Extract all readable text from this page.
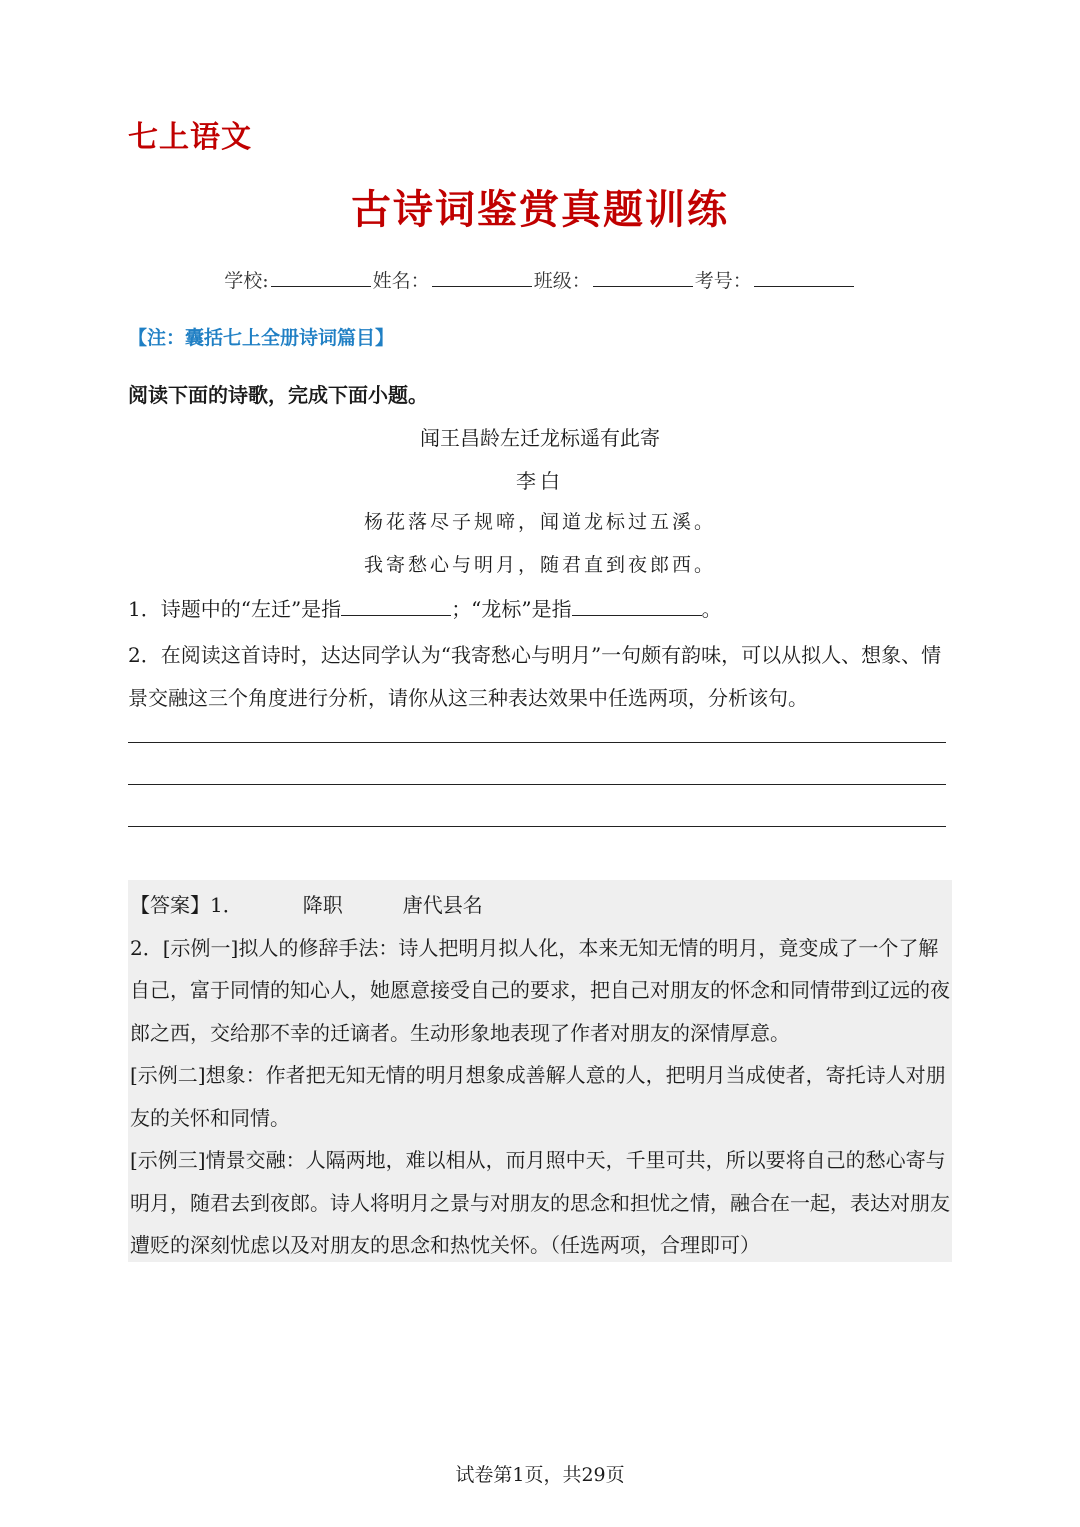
七上语文
古诗词鉴赏真题训练
学校:	姓名：	班级：	考号：
【注：囊括七上全册诗词篇目】
阅读下面的诗歌，完成下面小题。
闻王昌龄左迁龙标遥有此寄
李白
杨花落尽子规啼，闻道龙标过五溪。
我寄愁心与明月，随君直到夜郎西。
1．诗题中的“左迁”是指	；“龙标”是指	。
2．在阅读这首诗时，达达同学认为“我寄愁心与明月”一句颇有韵味，可以从拟人、想象、情景交融这三个角度进行分析，请你从这三种表达效果中任选两项，分析该句。

【答案】1．	降职	唐代县名

2．[示例一]拟人的修辞手法：诗人把明月拟人化，本来无知无情的明月，竟变成了一个了解自己，富于同情的知心人，她愿意接受自己的要求，把自己对朋友的怀念和同情带到辽远的夜郎之西，交给那不幸的迁谪者。生动形象地表现了作者对朋友的深情厚意。

[示例二]想象：作者把无知无情的明月想象成善解人意的人，把明月当成使者，寄托诗人对朋友的关怀和同情。

[示例三]情景交融：人隔两地，难以相从，而月照中天，千里可共，所以要将自己的愁心寄与明月，随君去到夜郎。诗人将明月之景与对朋友的思念和担忧之情，融合在一起，表达对朋友遭贬的深刻忧虑以及对朋友的思念和热忱关怀。（任选两项，合理即可）

试卷第1页，共29页
